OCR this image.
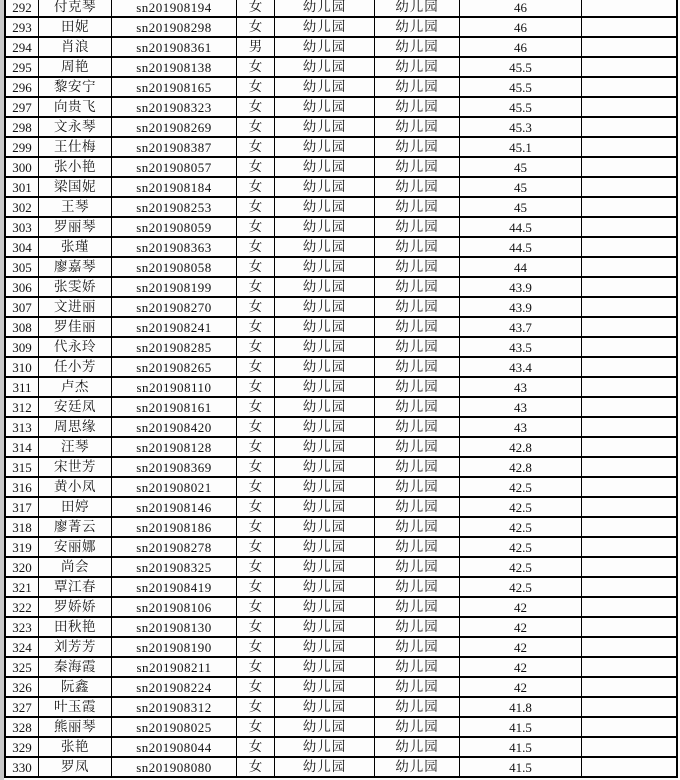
292	付克琴	sn201908194	女	幼儿园	幼儿园	46
293	田妮	sn201908298	女	幼儿园	幼儿园	46
294	肖浪	sn201908361	男	幼儿园	幼儿园	46
295	周艳	sn201908138	女	幼儿园	幼儿园	45.5
296	黎安宁	sn201908165	女	幼儿园	幼儿园	45.5
297	向贵飞	sn201908323	女	幼儿园	幼儿园	45.5
298	文永琴	sn201908269	女	幼儿园	幼儿园	45.3
299	王仕梅	sn201908387	女	幼儿园	幼儿园	45.1
300	张小艳	sn201908057	女	幼儿园	幼儿园	45
301	梁国妮	sn201908184	女	幼儿园	幼儿园	45
302	王琴	sn201908253	女	幼儿园	幼儿园	45
303	罗丽琴	sn201908059	女	幼儿园	幼儿园	44.5
304	张瑾	sn201908363	女	幼儿园	幼儿园	44.5
305	廖嘉琴	sn201908058	女	幼儿园	幼儿园	44
306	张雯娇	sn201908199	女	幼儿园	幼儿园	43.9
307	文进丽	sn201908270	女	幼儿园	幼儿园	43.9
308	罗佳丽	sn201908241	女	幼儿园	幼儿园	43.7
309	代永玲	sn201908285	女	幼儿园	幼儿园	43.5
310	任小芳	sn201908265	女	幼儿园	幼儿园	43.4
311	卢杰	sn201908110	女	幼儿园	幼儿园	43
312	安廷凤	sn201908161	女	幼儿园	幼儿园	43
313	周思缘	sn201908420	女	幼儿园	幼儿园	43
314	汪琴	sn201908128	女	幼儿园	幼儿园	42.8
315	宋世芳	sn201908369	女	幼儿园	幼儿园	42.8
316	黄小凤	sn201908021	女	幼儿园	幼儿园	42.5
317	田婷	sn201908146	女	幼儿园	幼儿园	42.5
318	廖菁云	sn201908186	女	幼儿园	幼儿园	42.5
319	安丽娜	sn201908278	女	幼儿园	幼儿园	42.5
320	尚会	sn201908325	女	幼儿园	幼儿园	42.5
321	覃江春	sn201908419	女	幼儿园	幼儿园	42.5
322	罗娇娇	sn201908106	女	幼儿园	幼儿园	42
323	田秋艳	sn201908130	女	幼儿园	幼儿园	42
324	刘芳芳	sn201908190	女	幼儿园	幼儿园	42
325	秦海霞	sn201908211	女	幼儿园	幼儿园	42
326	阮鑫	sn201908224	女	幼儿园	幼儿园	42
327	叶玉霞	sn201908312	女	幼儿园	幼儿园	41.8
328	熊丽琴	sn201908025	女	幼儿园	幼儿园	41.5
329	张艳	sn201908044	女	幼儿园	幼儿园	41.5
330	罗凤	sn201908080	女	幼儿园	幼儿园	41.5
